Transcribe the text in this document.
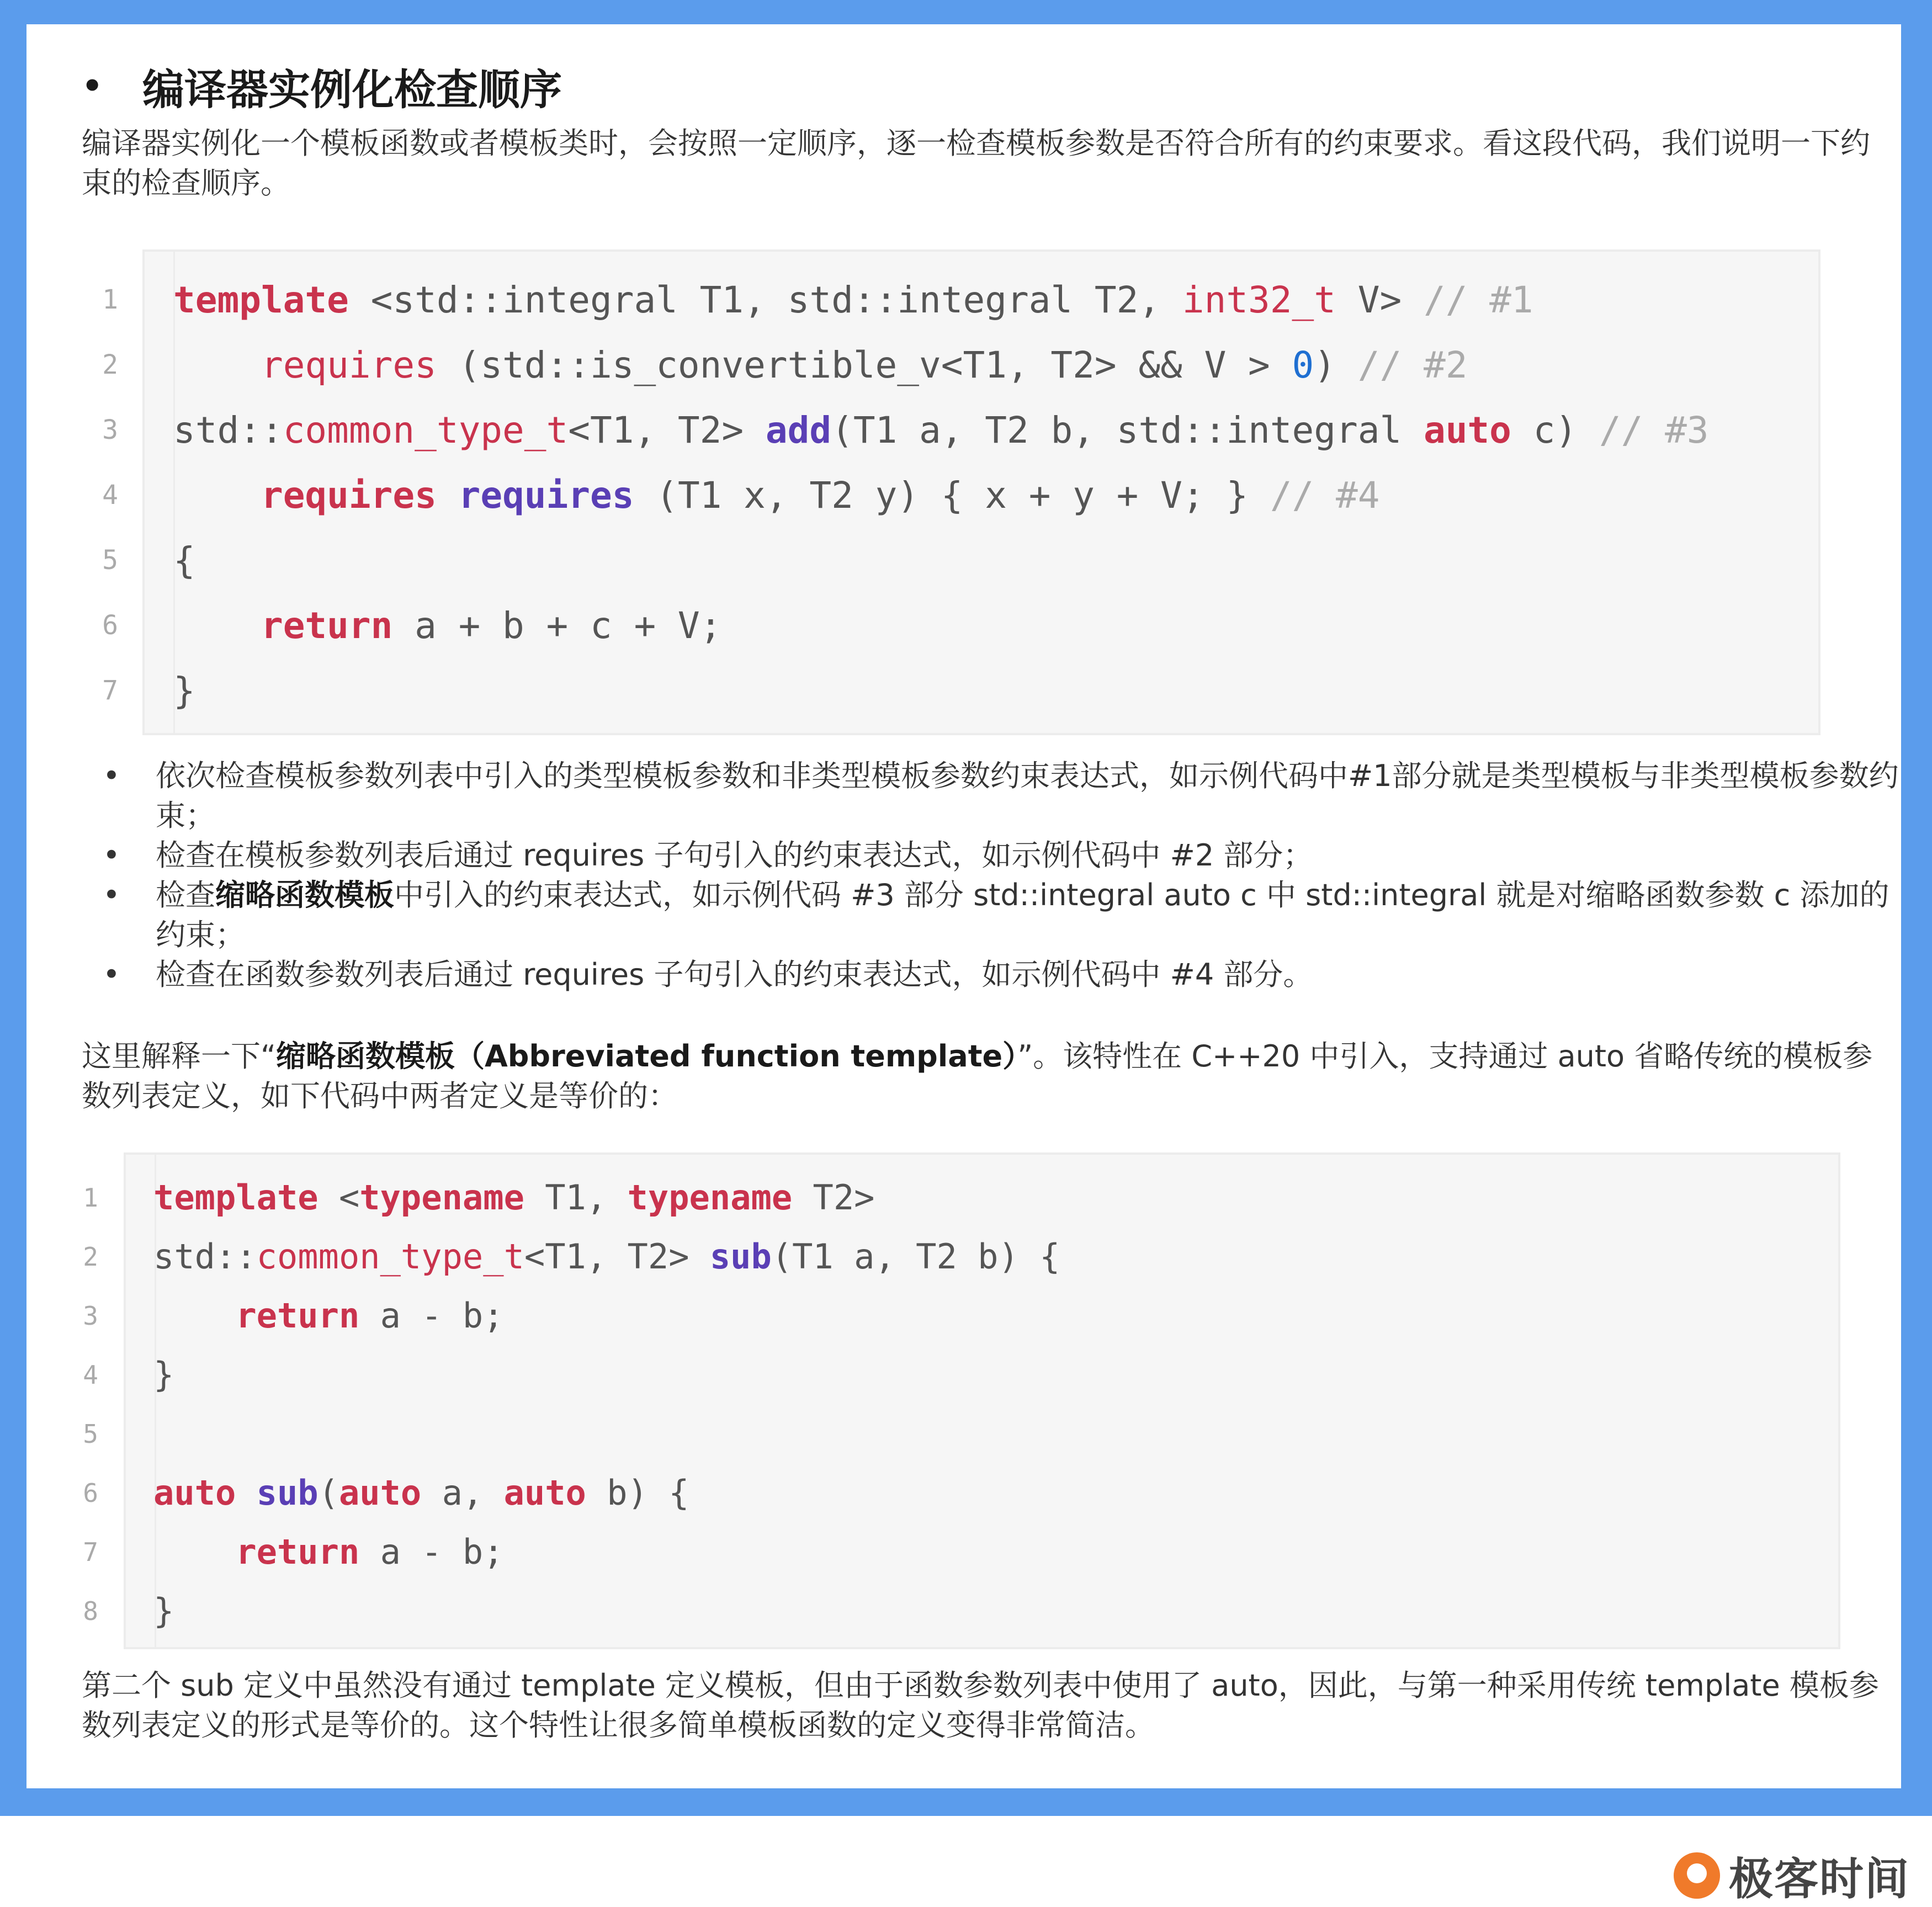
• 编译器实例化检查顺序
编译器实例化一个模板函数或者模板类时，会按照一定顺序，逐一检查模板参数是否符合所有的约束要求。看这段代码，我们说明一下约束的检查顺序。
1 template <std::integral T1, std::integral T2, int32_t V> // #1
2	requires (std::is_convertible_v<T1, T2> && V > 0) // #2
3 std::common_type_t<T1, T2> add(T1 a, T2 b, std::integral auto c) // #3
4	requires requires (T1 x, T2 y) { x + y + V; } // #4
5 {
6	return a + b + c + V;
7 }
• 依次检查模板参数列表中引入的类型模板参数和非类型模板参数约束表达式，如示例代码中#1部分就是类型模板与非类型模板参数约束；
• 检查在模板参数列表后通过 requires 子句引入的约束表达式，如示例代码中 #2 部分；
• 检查缩略函数模板中引入的约束表达式，如示例代码 #3 部分 std::integral auto c 中 std::integral 就是对缩略函数参数 c 添加的约束；
• 检查在函数参数列表后通过 requires 子句引入的约束表达式，如示例代码中 #4 部分。
这里解释一下“缩略函数模板（Abbreviated function template）”。该特性在 C++20 中引入，支持通过 auto 省略传统的模板参数列表定义，如下代码中两者定义是等价的：
1 template <typename T1, typename T2>
2 std::common_type_t<T1, T2> sub(T1 a, T2 b) {
3	return a - b;
4 }
5
6 auto sub(auto a, auto b) {
7	return a - b;
8 }
第二个 sub 定义中虽然没有通过 template 定义模板，但由于函数参数列表中使用了 auto，因此，与第一种采用传统 template 模板参数列表定义的形式是等价的。这个特性让很多简单模板函数的定义变得非常简洁。
极客时间
